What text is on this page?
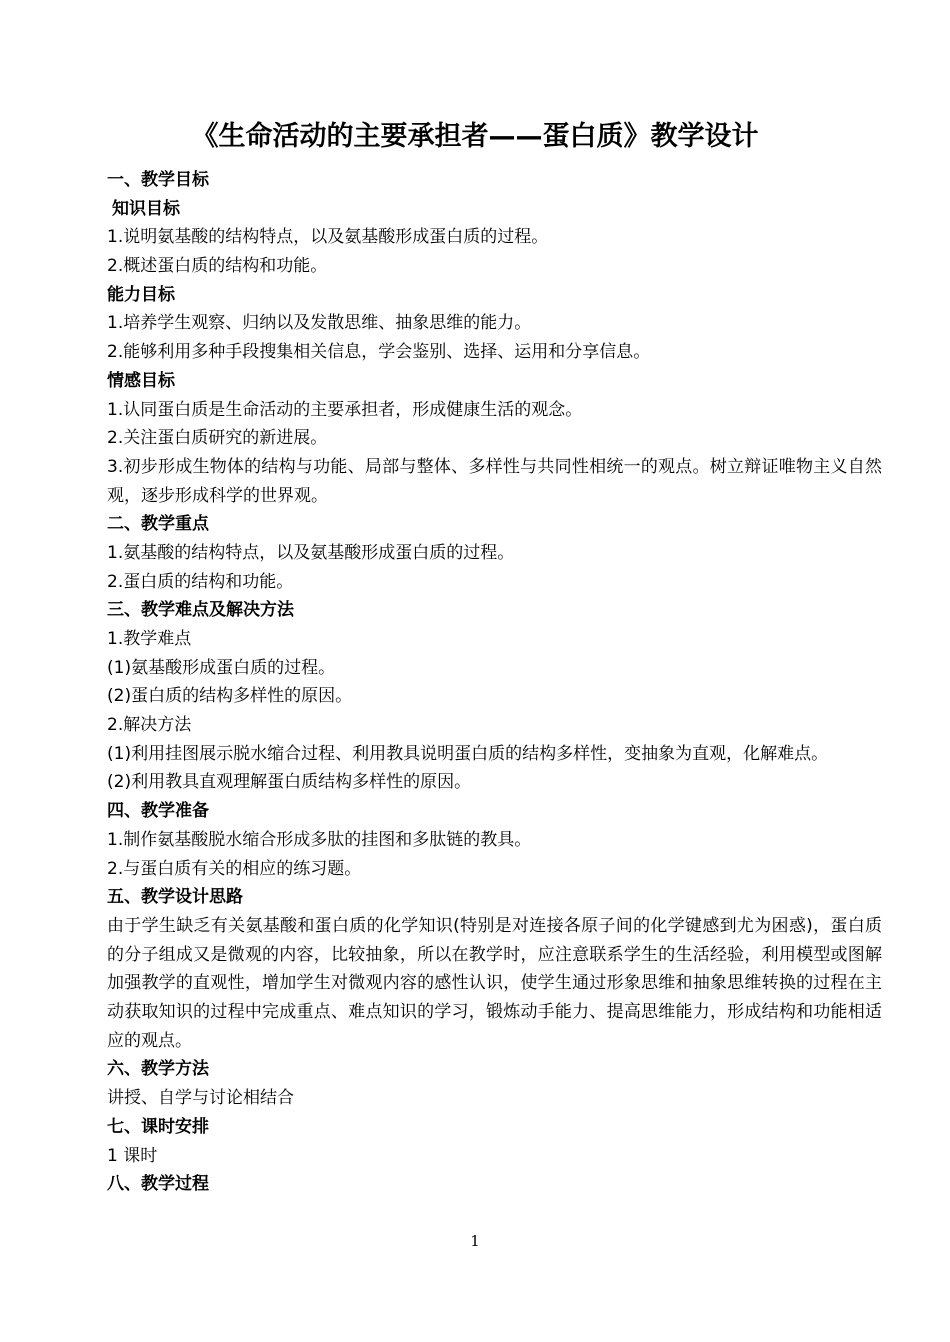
《生命活动的主要承担者——蛋白质》教学设计
一、教学目标
知识目标
1.说明氨基酸的结构特点，以及氨基酸形成蛋白质的过程。
2.概述蛋白质的结构和功能。
能力目标
1.培养学生观察、归纳以及发散思维、抽象思维的能力。
2.能够利用多种手段搜集相关信息，学会鉴别、选择、运用和分享信息。
情感目标
1.认同蛋白质是生命活动的主要承担者，形成健康生活的观念。
2.关注蛋白质研究的新进展。
3.初步形成生物体的结构与功能、局部与整体、多样性与共同性相统一的观点。树立辩证唯物主义自然观，逐步形成科学的世界观。
二、教学重点
1.氨基酸的结构特点，以及氨基酸形成蛋白质的过程。
2.蛋白质的结构和功能。
三、教学难点及解决方法
1.教学难点
(1)氨基酸形成蛋白质的过程。
(2)蛋白质的结构多样性的原因。
2.解决方法
(1)利用挂图展示脱水缩合过程、利用教具说明蛋白质的结构多样性，变抽象为直观，化解难点。
(2)利用教具直观理解蛋白质结构多样性的原因。
四、教学准备
1.制作氨基酸脱水缩合形成多肽的挂图和多肽链的教具。
2.与蛋白质有关的相应的练习题。
五、教学设计思路
由于学生缺乏有关氨基酸和蛋白质的化学知识(特别是对连接各原子间的化学键感到尤为困惑)，蛋白质的分子组成又是微观的内容，比较抽象，所以在教学时，应注意联系学生的生活经验，利用模型或图解加强教学的直观性，增加学生对微观内容的感性认识，使学生通过形象思维和抽象思维转换的过程在主动获取知识的过程中完成重点、难点知识的学习，锻炼动手能力、提高思维能力，形成结构和功能相适应的观点。
六、教学方法
讲授、自学与讨论相结合
七、课时安排
1 课时
八、教学过程
1
